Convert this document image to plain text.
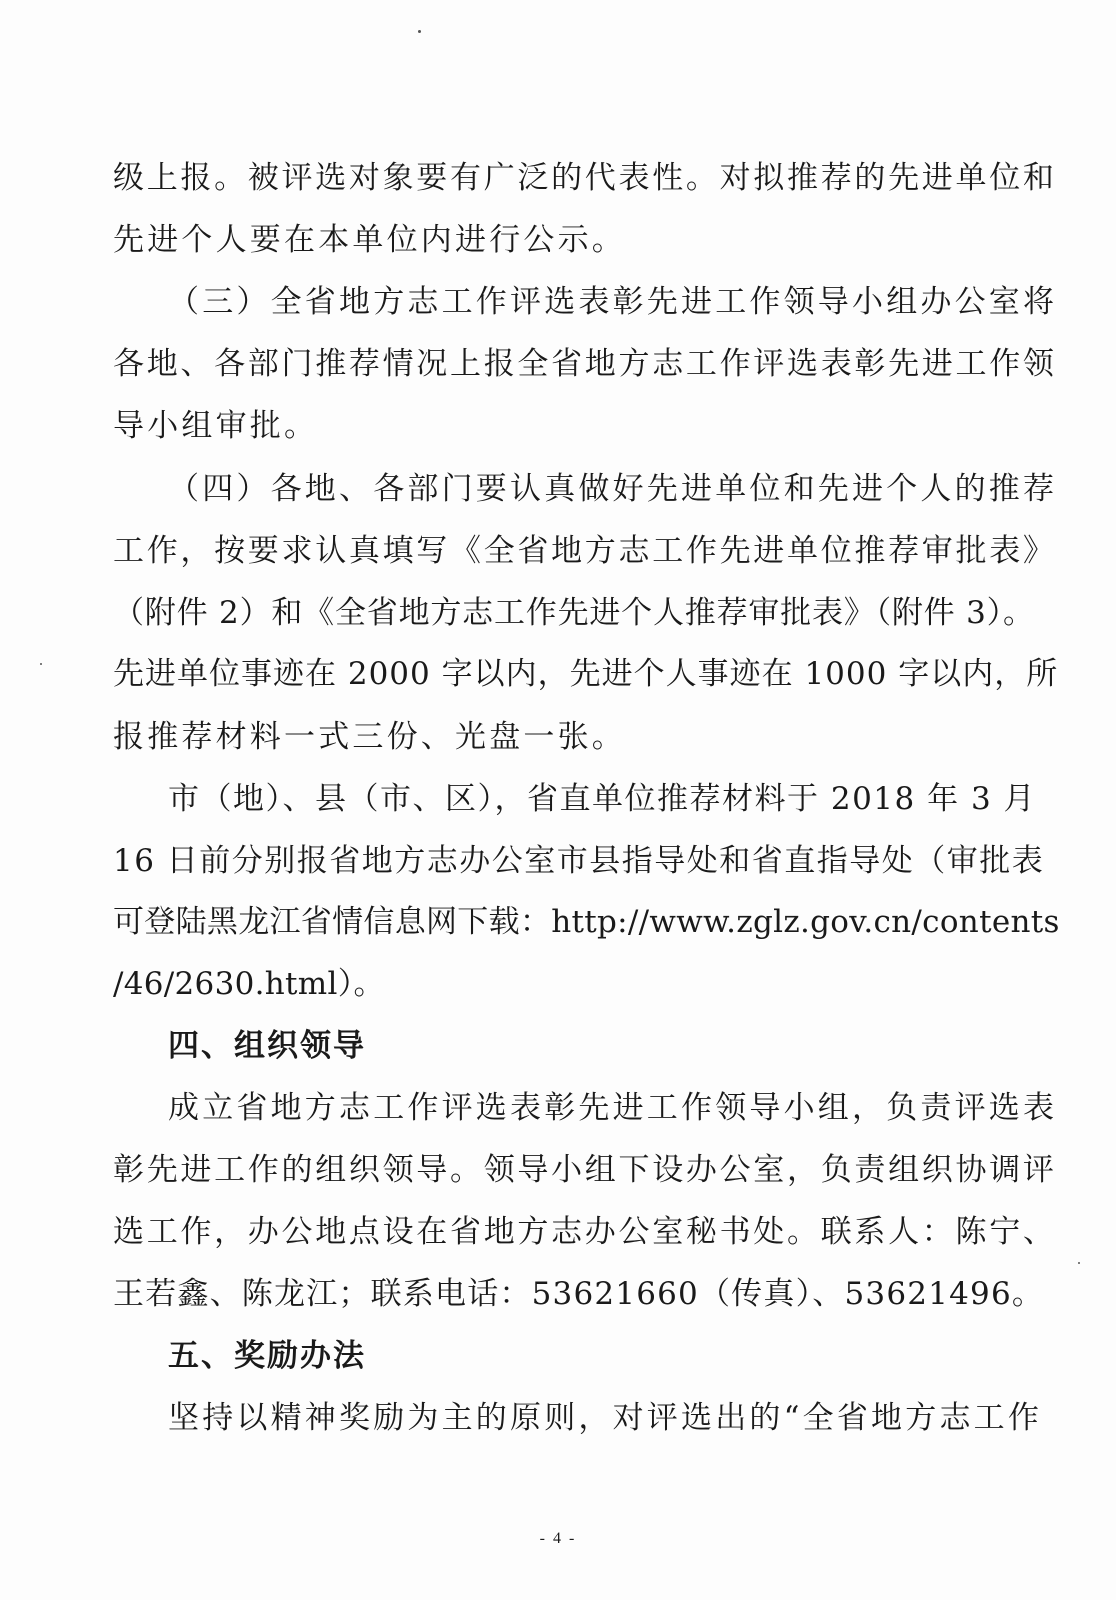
级上报。被评选对象要有广泛的代表性。对拟推荐的先进单位和
先进个人要在本单位内进行公示。
（三）全省地方志工作评选表彰先进工作领导小组办公室将
各地、各部门推荐情况上报全省地方志工作评选表彰先进工作领
导小组审批。
（四）各地、各部门要认真做好先进单位和先进个人的推荐
工作，按要求认真填写《全省地方志工作先进单位推荐审批表》
（附件 2）和《全省地方志工作先进个人推荐审批表》（附件 3）。
先进单位事迹在 2000 字以内，先进个人事迹在 1000 字以内，所
报推荐材料一式三份、光盘一张。
市（地）、县（市、区），省直单位推荐材料于 2018 年 3 月
16 日前分别报省地方志办公室市县指导处和省直指导处（审批表
可登陆黑龙江省情信息网下载：http://www.zglz.gov.cn/contents
/46/2630.html）。
四、组织领导
成立省地方志工作评选表彰先进工作领导小组，负责评选表
彰先进工作的组织领导。领导小组下设办公室，负责组织协调评
选工作，办公地点设在省地方志办公室秘书处。联系人：陈宁、
王若鑫、陈龙江；联系电话：53621660（传真）、53621496。
五、奖励办法
坚持以精神奖励为主的原则，对评选出的“全省地方志工作
- 4 -
